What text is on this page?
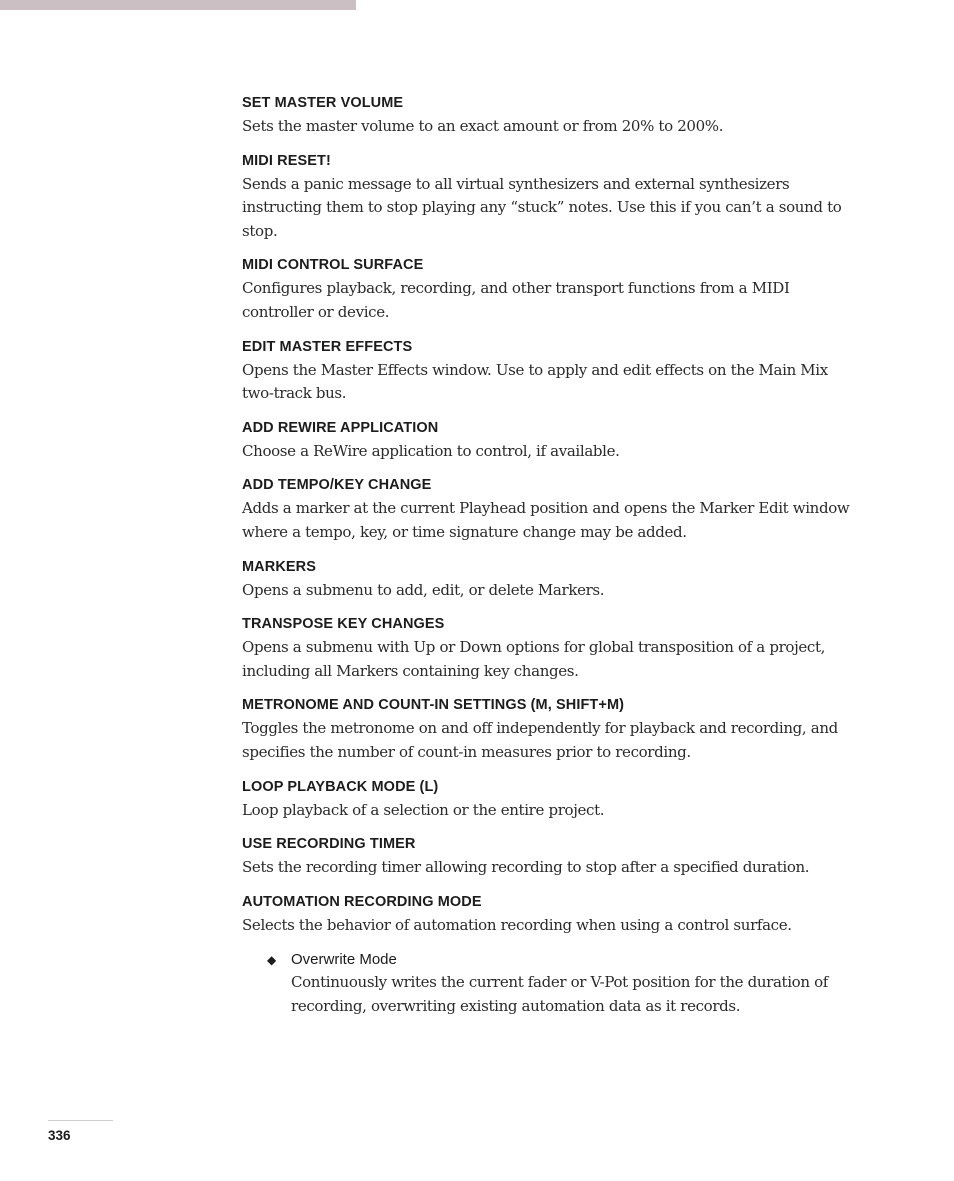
SET MASTER VOLUME

Sets the master volume to an exact amount or from 20% to 200%.

MIDI RESET!

Sends a panic message to all virtual synthesizers and external synthesizers instructing them to stop playing any “stuck” notes. Use this if you can’t a sound to stop.

MIDI CONTROL SURFACE

Configures playback, recording, and other transport functions from a MIDI controller or device.

EDIT MASTER EFFECTS

Opens the Master Effects window. Use to apply and edit effects on the Main Mix two-track bus.

ADD REWIRE APPLICATION

Choose a ReWire application to control, if available.

ADD TEMPO/KEY CHANGE

Adds a marker at the current Playhead position and opens the Marker Edit window where a tempo, key, or time signature change may be added.

MARKERS

Opens a submenu to add, edit, or delete Markers.

TRANSPOSE KEY CHANGES

Opens a submenu with Up or Down options for global transposition of a project, including all Markers containing key changes.

METRONOME AND COUNT-IN SETTINGS (M, SHIFT+M)

Toggles the metronome on and off independently for playback and recording, and specifies the number of count-in measures prior to recording.

LOOP PLAYBACK MODE (L)

Loop playback of a selection or the entire project.

USE RECORDING TIMER

Sets the recording timer allowing recording to stop after a specified duration.

AUTOMATION RECORDING MODE

Selects the behavior of automation recording when using a control surface.

◆ Overwrite Mode

Continuously writes the current fader or V-Pot position for the duration of recording, overwriting existing automation data as it records.

336
